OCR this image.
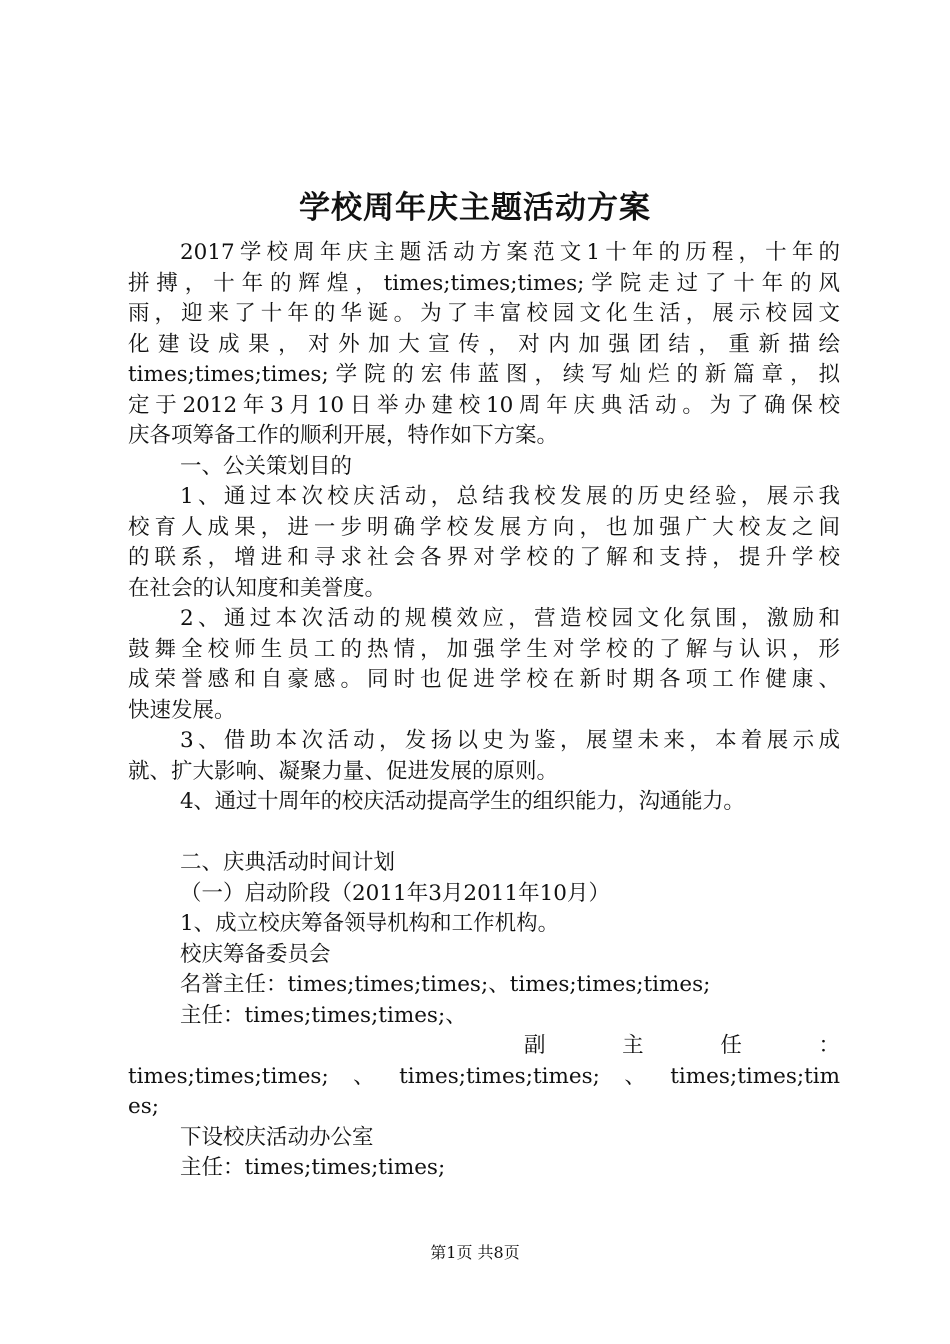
学校周年庆主题活动方案
2017学校周年庆主题活动方案范文1十年的历程，十年的
拼搏，十年的辉煌，times;times;times;学院走过了十年的风
雨，迎来了十年的华诞。为了丰富校园文化生活，展示校园文
化建设成果，对外加大宣传，对内加强团结，重新描绘
times;times;times;学院的宏伟蓝图，续写灿烂的新篇章，拟
定于2012年3月10日举办建校10周年庆典活动。为了确保校
庆各项筹备工作的顺利开展，特作如下方案。
一、公关策划目的
1、通过本次校庆活动，总结我校发展的历史经验，展示我
校育人成果，进一步明确学校发展方向，也加强广大校友之间
的联系，增进和寻求社会各界对学校的了解和支持，提升学校
在社会的认知度和美誉度。
2、通过本次活动的规模效应，营造校园文化氛围，激励和
鼓舞全校师生员工的热情，加强学生对学校的了解与认识，形
成荣誉感和自豪感。同时也促进学校在新时期各项工作健康、
快速发展。
3、借助本次活动，发扬以史为鉴，展望未来，本着展示成
就、扩大影响、凝聚力量、促进发展的原则。
4、通过十周年的校庆活动提高学生的组织能力，沟通能力。
二、庆典活动时间计划
（一）启动阶段（2011年3月2011年10月）
1、成立校庆筹备领导机构和工作机构。
校庆筹备委员会
名誉主任：times;times;times;、times;times;times;
主任：times;times;times;、
副主任：
times;times;times;、times;times;times;、times;times;tim
es;
下设校庆活动办公室
主任：times;times;times;
第1页 共8页
